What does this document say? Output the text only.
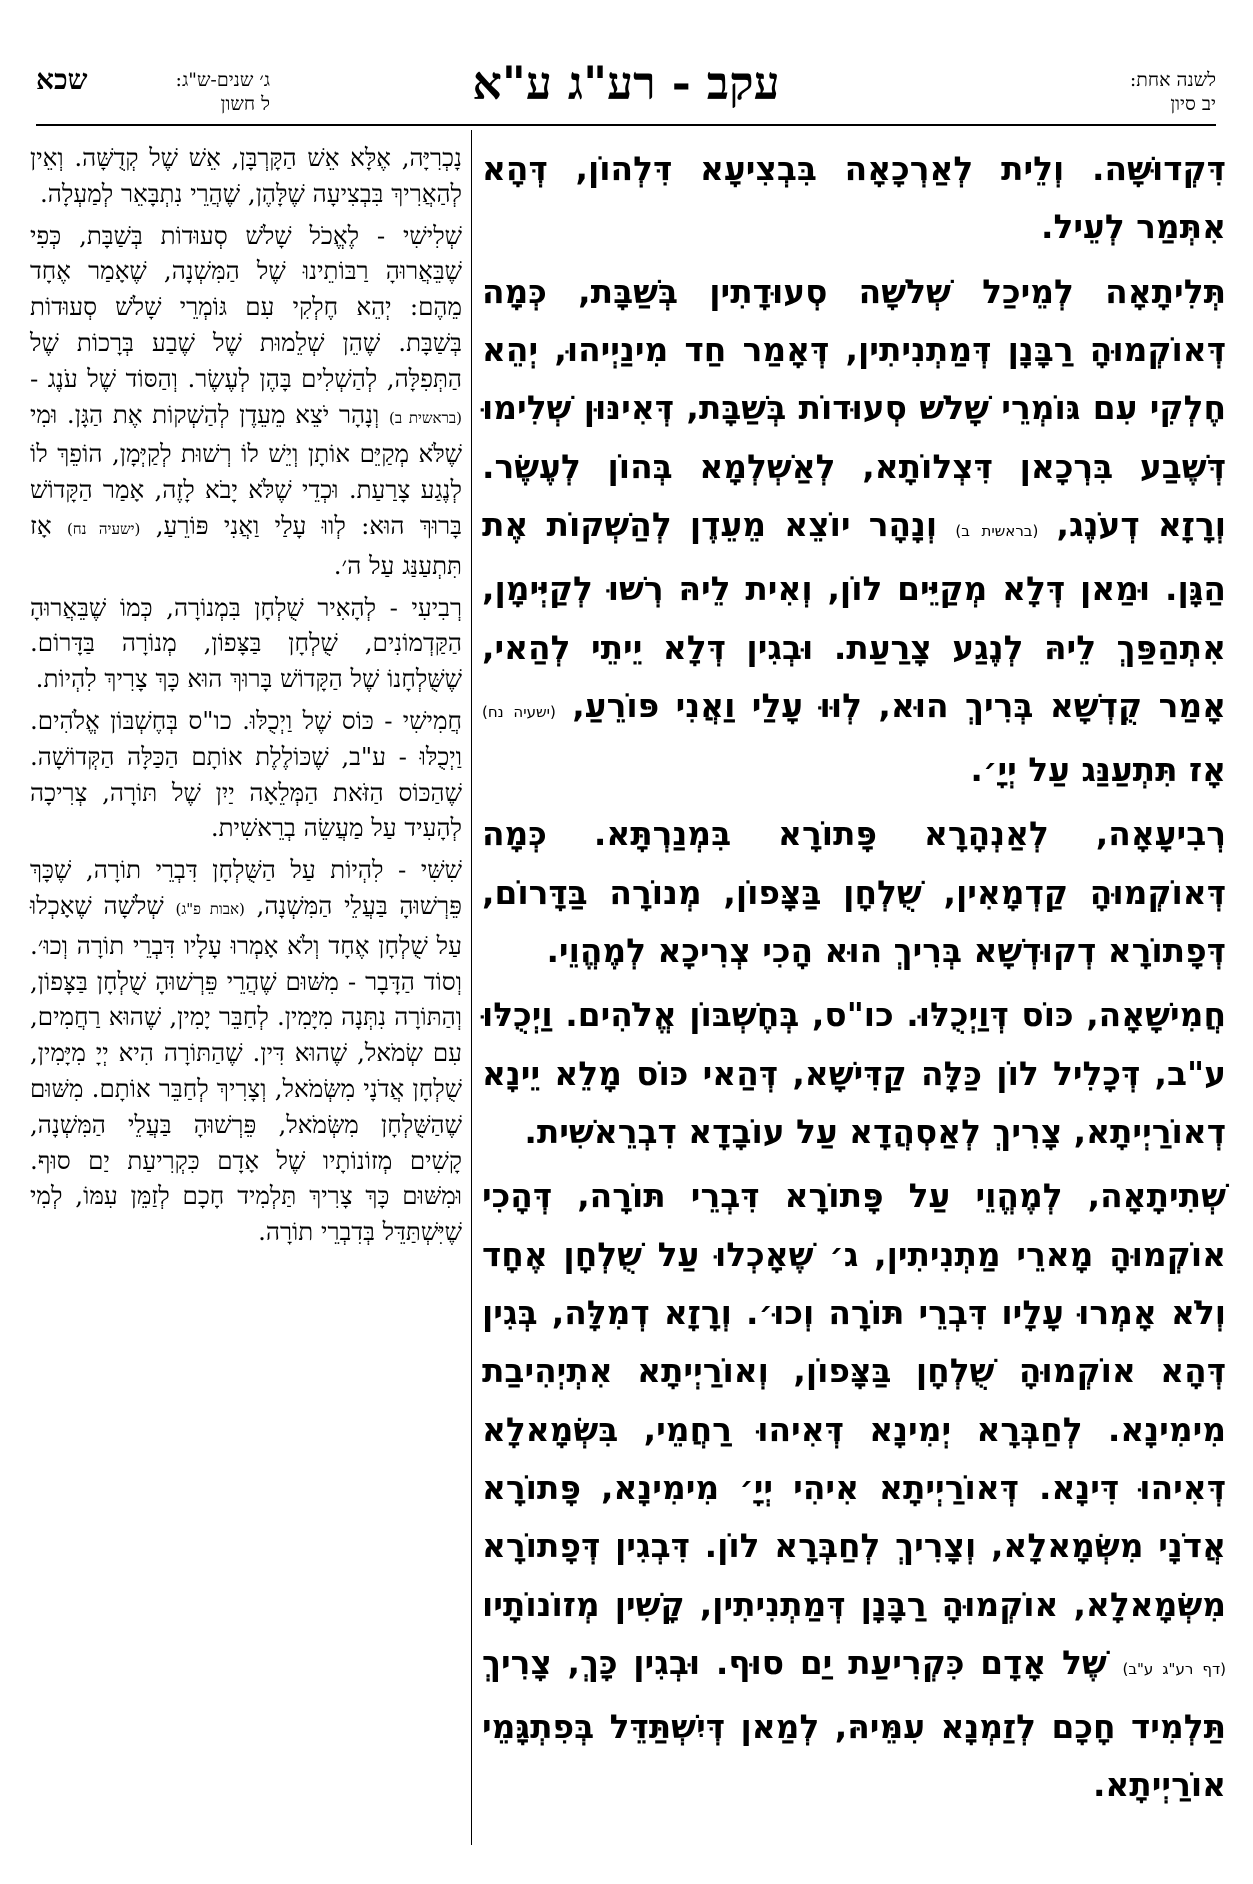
לשנה אחת:
יב סיון
עקב - רע"ג ע"א
ג׳ שנים-ש"ג:
ל חשון
שכא

דִּקְדוּשָּׁה. וְלֵית לְאַרְכָאָה בִּבְצִיעָא דִּלְהוֹן, דְּהָא אִתְּמַר לְעֵיל.

תְּלִיתָאָה לְמֵיכַל שְׁלֹשָׁה סְעוּדָתִין בְּשַׁבָּת, כְּמָה דְּאוֹקְמוּהָ רַבָּנָן דְּמַתְנִיתִין, דְּאָמַר חַד מִינַיְיהוּ, יְהֵא חֶלְקִי עִם גּוֹמְרֵי שָׁלֹשׁ סְעוּדוֹת בְּשַׁבָּת, דְּאִינּוּן שְׁלִימוּ דְּשֶׁבַע בִּרְכָאן דִּצְלוֹתָא, לְאַשְׁלְמָא בְּהוֹן לְעֶשֶׂר. וְרָזָא דְעֹנֶג, (בראשית ב) וְנָהָר יוֹצֵא מֵעֵדֶן לְהַשְׁקוֹת אֶת הַגָּן. וּמַאן דְּלָא מְקַיֵּים לוֹן, וְאִית לֵיהּ רְשׁוּ לְקַיְּימָן, אִתְהַפַּךְ לֵיהּ לְנֶגַע צָרַעַת. וּבְגִין דְּלָא יֵיתֵי לְהַאי, אָמַר קֻדְשָׁא בְּרִיךְ הוּא, לְוּוּ עָלַי וַאֲנִי פּוֹרֵעַ, (ישעיה נח) אָז תִּתְעַנַּג עַל יְיָ׳.

רְבִיעָאָה, לְאַנְהָרָא פָּתוֹרָא בִּמְנַרְתָּא. כְּמָה דְּאוֹקְמוּהָ קַדְמָאִין, שֻׁלְחָן בַּצָּפוֹן, מְנוֹרָה בַּדָּרוֹם, דְּפָתוֹרָא דְקוּדְשָׁא בְּרִיךְ הוּא הָכִי צְרִיכָא לְמֶהֱוֵי.

חֲמִישָׁאָה, כּוֹס דְּוַיְכֻלּוּ. כו"ס, בְּחֶשְׁבּוֹן אֱלֹהִים. וַיְכֻלּוּ ע"ב, דְּכָלִיל לוֹן כַּלָּה קַדִּישָׁא, דְּהַאי כּוֹס מָלֵא יֵינָא דְאוֹרַיְיתָא, צָרִיךְ לְאַסְהֲדָא עַל עוֹבָדָא דִבְרֵאשִׁית.

שְׁתִיתָאָה, לְמֶהֱוֵי עַל פָּתוֹרָא דִּבְרֵי תּוֹרָה, דְּהָכִי אוֹקְמוּהָ מָארֵי מַתְנִיתִין, ג׳ שֶׁאָכְלוּ עַל שֻׁלְחָן אֶחָד וְלֹא אָמְרוּ עָלָיו דִּבְרֵי תּוֹרָה וְכוּ׳. וְרָזָא דְמִלָּה, בְּגִין דְּהָא אוֹקְמוּהָ שֻׁלְחָן בַּצָּפוֹן, וְאוֹרַיְיתָא אִתְיְהִיבַת מִימִינָא. לְחַבְּרָא יְמִינָא דְּאִיהוּ רַחֲמֵי, בִּשְׂמָאלָא דְּאִיהוּ דִּינָא. דְּאוֹרַיְיתָא אִיהִי יְיָ׳ מִימִינָא, פָּתוֹרָא אֲדֹנָי מִשְּׂמָאלָא, וְצָרִיךְ לְחַבְּרָא לוֹן. דִּבְגִין דְּפָתוֹרָא מִשְּׂמָאלָא, אוֹקְמוּהָ רַבָּנָן דְּמַתְנִיתִין, קָשִׁין מְזוֹנוֹתָיו (דף רע"ג ע"ב) שֶׁל אָדָם כִּקְרִיעַת יַם סוּף. וּבְגִין כָּךְ, צָרִיךְ תַּלְמִיד חָכָם לְזַמְנָא עִמֵּיהּ, לְמַאן דְּיִשְׁתַּדֵּל בְּפִתְגָּמֵי אוֹרַיְיתָא.

נָכְרִיָּה, אֶלָּא אֵשׁ הַקָּרְבָּן, אֵשׁ שֶׁל קְדֻשָּׁה. וְאֵין לְהַאֲרִיךְ בִּבְצִיעָה שֶׁלָּהֶן, שֶׁהֲרֵי נִתְבָּאֵר לְמַעְלָה.

שְׁלִישִׁי - לֶאֱכֹל שָׁלֹשׁ סְעוּדוֹת בְּשַׁבָּת, כְּפִי שֶׁבֵּאֲרוּהָ רַבּוֹתֵינוּ שֶׁל הַמִּשְׁנָה, שֶׁאָמַר אֶחָד מֵהֶם: יְהֵא חֶלְקִי עִם גּוֹמְרֵי שָׁלֹשׁ סְעוּדוֹת בְּשַׁבָּת. שֶׁהֵן שְׁלֵמוּת שֶׁל שֶׁבַע בְּרָכוֹת שֶׁל הַתְּפִלָּה, לְהַשְׁלִים בָּהֶן לְעֶשֶׂר. וְהַסּוֹד שֶׁל עֹנֶג - (בראשית ב) וְנָהָר יֹצֵא מֵעֵדֶן לְהַשְׁקוֹת אֶת הַגָּן. וּמִי שֶׁלֹּא מְקַיֵּם אוֹתָן וְיֵשׁ לוֹ רְשׁוּת לְקַיְּמָן, הוֹפֵךְ לוֹ לְנֶגַע צָרַעַת. וּכְדֵי שֶׁלֹּא יָבֹא לָזֶה, אָמַר הַקָּדוֹשׁ בָּרוּךְ הוּא: לְווּ עָלַי וַאֲנִי פּוֹרֵעַ, (ישעיה נח) אָז תִּתְעַנַּג עַל ה׳.

רְבִיעִי - לְהָאִיר שֻׁלְחָן בִּמְנוֹרָה, כְּמוֹ שֶׁבֵּאֲרוּהָ הַקַּדְמוֹנִים, שֻׁלְחָן בַּצָּפוֹן, מְנוֹרָה בַּדָּרוֹם. שֶׁשֻּׁלְחָנוֹ שֶׁל הַקָּדוֹשׁ בָּרוּךְ הוּא כָּךְ צָרִיךְ לִהְיוֹת.

חֲמִישִׁי - כּוֹס שֶׁל וַיְכֻלּוּ. כו"ס בְּחֶשְׁבּוֹן אֱלֹהִים. וַיְכֻלּוּ - ע"ב, שֶׁכּוֹלֶלֶת אוֹתָם הַכַּלָּה הַקְּדוֹשָׁה. שֶׁהַכּוֹס הַזֹּאת הַמְּלֵאָה יַיִן שֶׁל תּוֹרָה, צְרִיכָה לְהָעִיד עַל מַעֲשֵׂה בְרֵאשִׁית.

שִׁשִּׁי - לִהְיוֹת עַל הַשֻּׁלְחָן דִּבְרֵי תוֹרָה, שֶׁכָּךְ פֵּרְשׁוּהָ בַּעֲלֵי הַמִּשְׁנָה, (אבות פ"ג) שְׁלֹשָׁה שֶׁאָכְלוּ עַל שֻׁלְחָן אֶחָד וְלֹא אָמְרוּ עָלָיו דִּבְרֵי תוֹרָה וְכוּ׳. וְסוֹד הַדָּבָר - מִשּׁוּם שֶׁהֲרֵי פֵּרְשׁוּהָ שֻׁלְחָן בַּצָּפוֹן, וְהַתּוֹרָה נִתְּנָה מִיָּמִין. לְחַבֵּר יָמִין, שֶׁהוּא רַחֲמִים, עִם שְׂמֹאל, שֶׁהוּא דִּין. שֶׁהַתּוֹרָה הִיא יְיָ מִיָּמִין, שֻׁלְחָן אֲדֹנָי מִשְּׂמֹאל, וְצָרִיךְ לְחַבֵּר אוֹתָם. מִשּׁוּם שֶׁהַשֻּׁלְחָן מִשְּׂמֹאל, פֵּרְשׁוּהָ בַּעֲלֵי הַמִּשְׁנָה, קָשִׁים מְזוֹנוֹתָיו שֶׁל אָדָם כִּקְרִיעַת יַם סוּף. וּמִשּׁוּם כָּךְ צָרִיךְ תַּלְמִיד חָכָם לְזַמֵּן עִמּוֹ, לְמִי שֶׁיִּשְׁתַּדֵּל בְּדִבְרֵי תוֹרָה.
